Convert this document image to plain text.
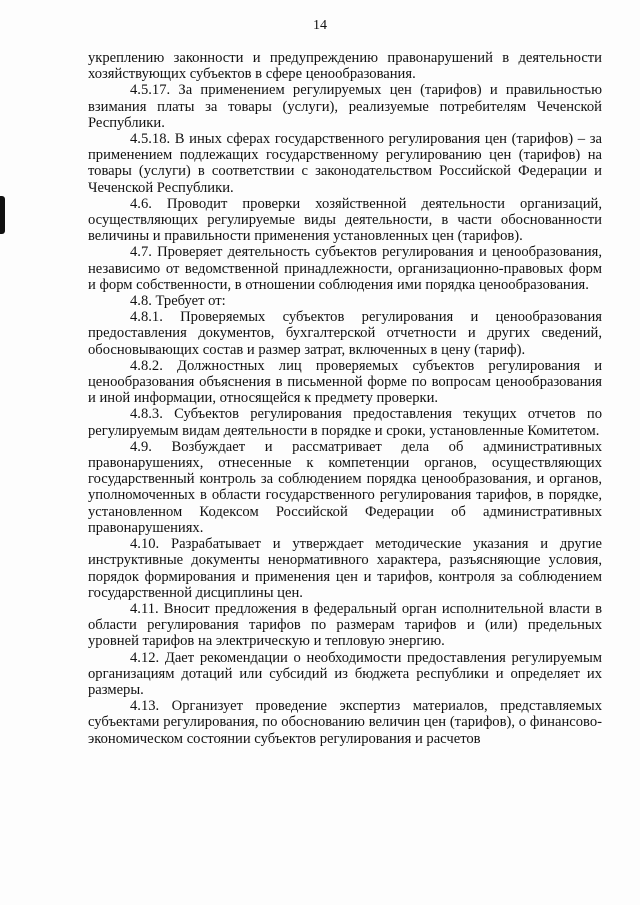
14

укреплению законности и предупреждению правонарушений в деятельности хозяйствующих субъектов в сфере ценообразования.

4.5.17. За применением регулируемых цен (тарифов) и правильностью взимания платы за товары (услуги), реализуемые потребителям Чеченской Республики.

4.5.18. В иных сферах государственного регулирования цен (тарифов) – за применением подлежащих государственному регулированию цен (тарифов) на товары (услуги) в соответствии с законодательством Российской Федерации и Чеченской Республики.

4.6. Проводит проверки хозяйственной деятельности организаций, осуществляющих регулируемые виды деятельности, в части обоснованности величины и правильности применения установленных цен (тарифов).

4.7. Проверяет деятельность субъектов регулирования и ценообразования, независимо от ведомственной принадлежности, организационно-правовых форм и форм собственности, в отношении соблюдения ими порядка ценообразования.

4.8. Требует от:

4.8.1. Проверяемых субъектов регулирования и ценообразования предоставления документов, бухгалтерской отчетности и других сведений, обосновывающих состав и размер затрат, включенных в цену (тариф).

4.8.2. Должностных лиц проверяемых субъектов регулирования и ценообразования объяснения в письменной форме по вопросам ценообразования и иной информации, относящейся к предмету проверки.

4.8.3. Субъектов регулирования предоставления текущих отчетов по регулируемым видам деятельности в порядке и сроки, установленные Комитетом.

4.9. Возбуждает и рассматривает дела об административных правонарушениях, отнесенные к компетенции органов, осуществляющих государственный контроль за соблюдением порядка ценообразования, и органов, уполномоченных в области государственного регулирования тарифов, в порядке, установленном Кодексом Российской Федерации об административных правонарушениях.

4.10. Разрабатывает и утверждает методические указания и другие инструктивные документы ненормативного характера, разъясняющие условия, порядок формирования и применения цен и тарифов, контроля за соблюдением государственной дисциплины цен.

4.11. Вносит предложения в федеральный орган исполнительной власти в области регулирования тарифов по размерам тарифов и (или) предельных уровней тарифов на электрическую и тепловую энергию.

4.12. Дает рекомендации о необходимости предоставления регулируемым организациям дотаций или субсидий из бюджета республики и определяет их размеры.

4.13. Организует проведение экспертиз материалов, представляемых субъектами регулирования, по обоснованию величин цен (тарифов), о финансово-экономическом состоянии субъектов регулирования и расчетов
